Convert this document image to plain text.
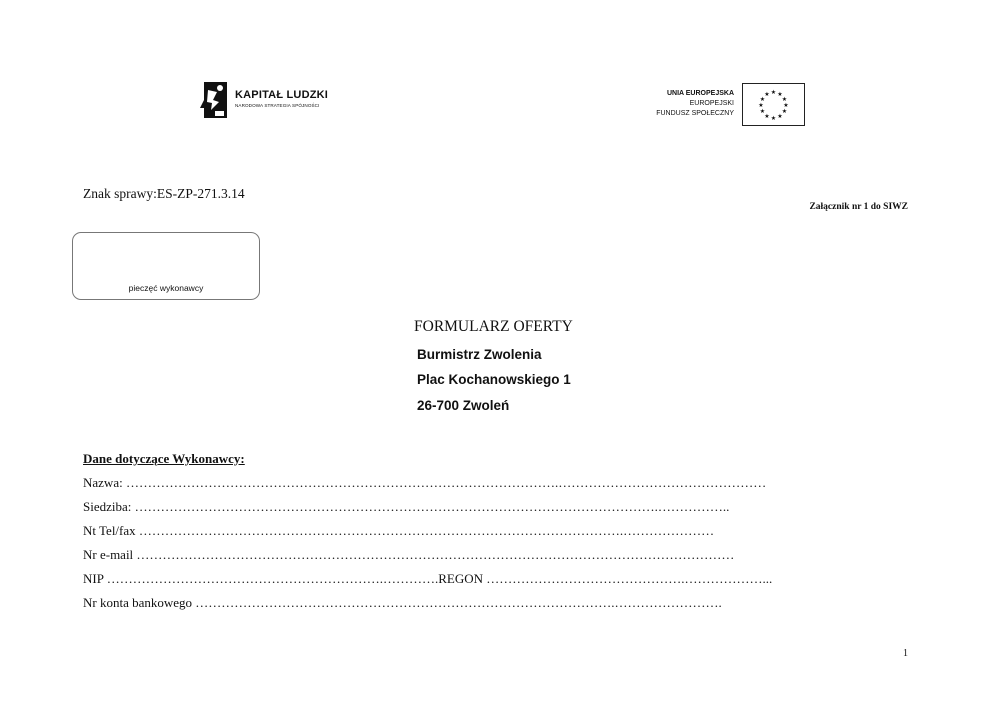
KAPITAŁ LUDZKI
NARODOWA STRATEGIA SPÓJNOŚCI
UNIA EUROPEJSKA
EUROPEJSKI
FUNDUSZ SPOŁECZNY
★ ★
★
★
★
★
★
★
★
★
★
★
Znak sprawy:ES-ZP-271.3.14
Załącznik nr 1 do SIWZ
pieczęć wykonawcy
FORMULARZ OFERTY
Burmistrz Zwolenia
Plac Kochanowskiego 1
26-700 Zwoleń
Dane dotyczące Wykonawcy:
Nazwa: ……………………………………………………………………………………….…………………………………………
Siedziba: ………………………………………………………………………………………………………….……………..
Nt Tel/fax ………………………………………………………………………………………………….…………………
Nr e-mail …………………………………………………………………………………………………………………………
NIP ……………………………………………………….………….REGON ……………………………………….………………...
Nr konta bankowego …………………………………………………………………………………….…………………….
1
